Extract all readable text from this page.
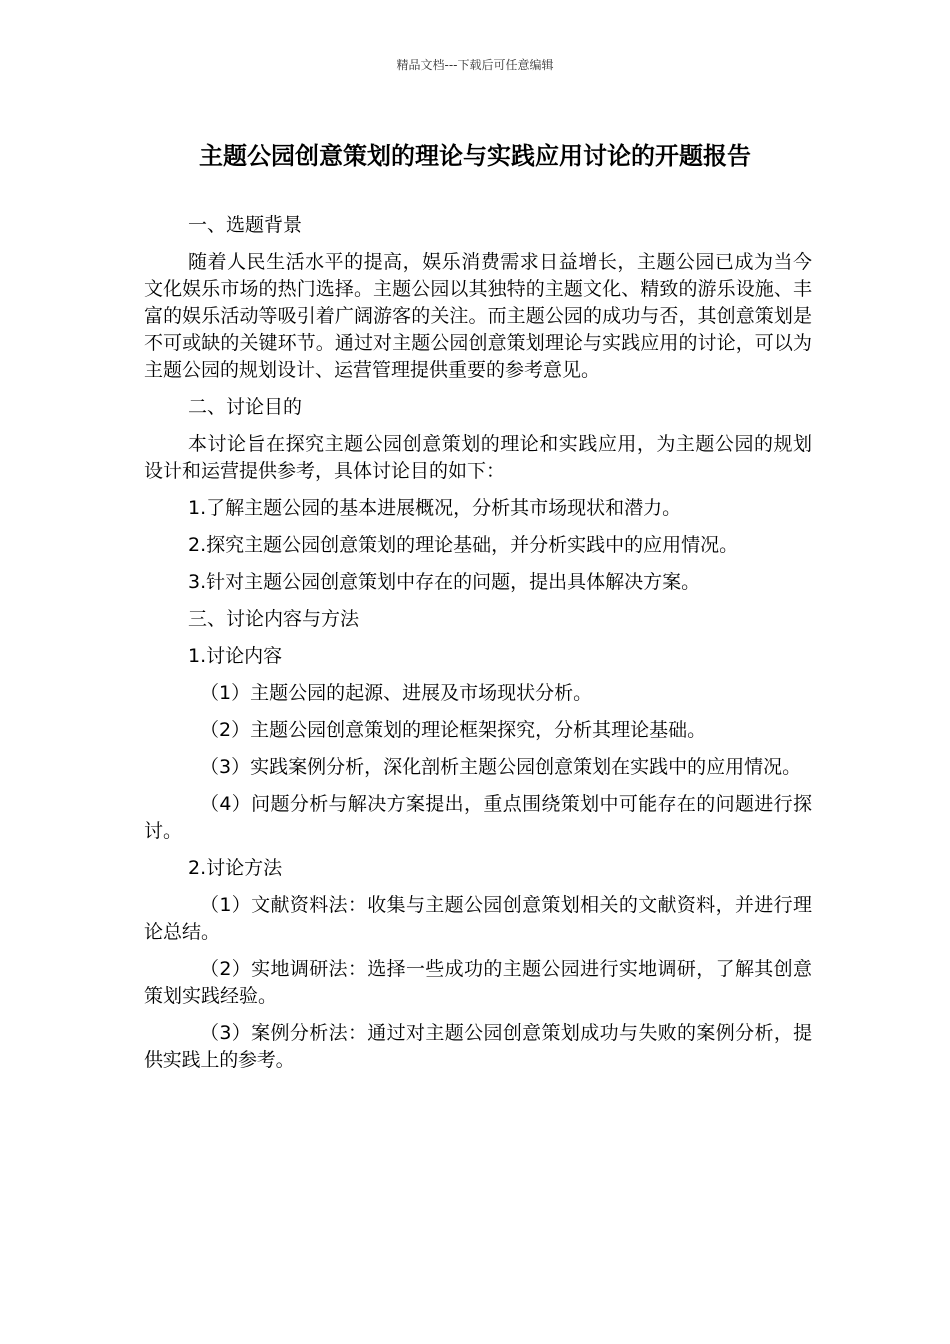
精品文档---下载后可任意编辑
主题公园创意策划的理论与实践应用讨论的开题报告

一、选题背景

随着人民生活水平的提高，娱乐消费需求日益增长，主题公园已成为当今文化娱乐市场的热门选择。主题公园以其独特的主题文化、精致的游乐设施、丰富的娱乐活动等吸引着广阔游客的关注。而主题公园的成功与否，其创意策划是不可或缺的关键环节。通过对主题公园创意策划理论与实践应用的讨论，可以为主题公园的规划设计、运营管理提供重要的参考意见。

二、讨论目的

本讨论旨在探究主题公园创意策划的理论和实践应用，为主题公园的规划设计和运营提供参考，具体讨论目的如下：

1.了解主题公园的基本进展概况，分析其市场现状和潜力。

2.探究主题公园创意策划的理论基础，并分析实践中的应用情况。

3.针对主题公园创意策划中存在的问题，提出具体解决方案。

三、讨论内容与方法

1.讨论内容

（1）主题公园的起源、进展及市场现状分析。

（2）主题公园创意策划的理论框架探究，分析其理论基础。

（3）实践案例分析，深化剖析主题公园创意策划在实践中的应用情况。

（4）问题分析与解决方案提出，重点围绕策划中可能存在的问题进行探讨。

2.讨论方法

（1）文献资料法：收集与主题公园创意策划相关的文献资料，并进行理论总结。

（2）实地调研法：选择一些成功的主题公园进行实地调研，了解其创意策划实践经验。

（3）案例分析法：通过对主题公园创意策划成功与失败的案例分析，提供实践上的参考。
